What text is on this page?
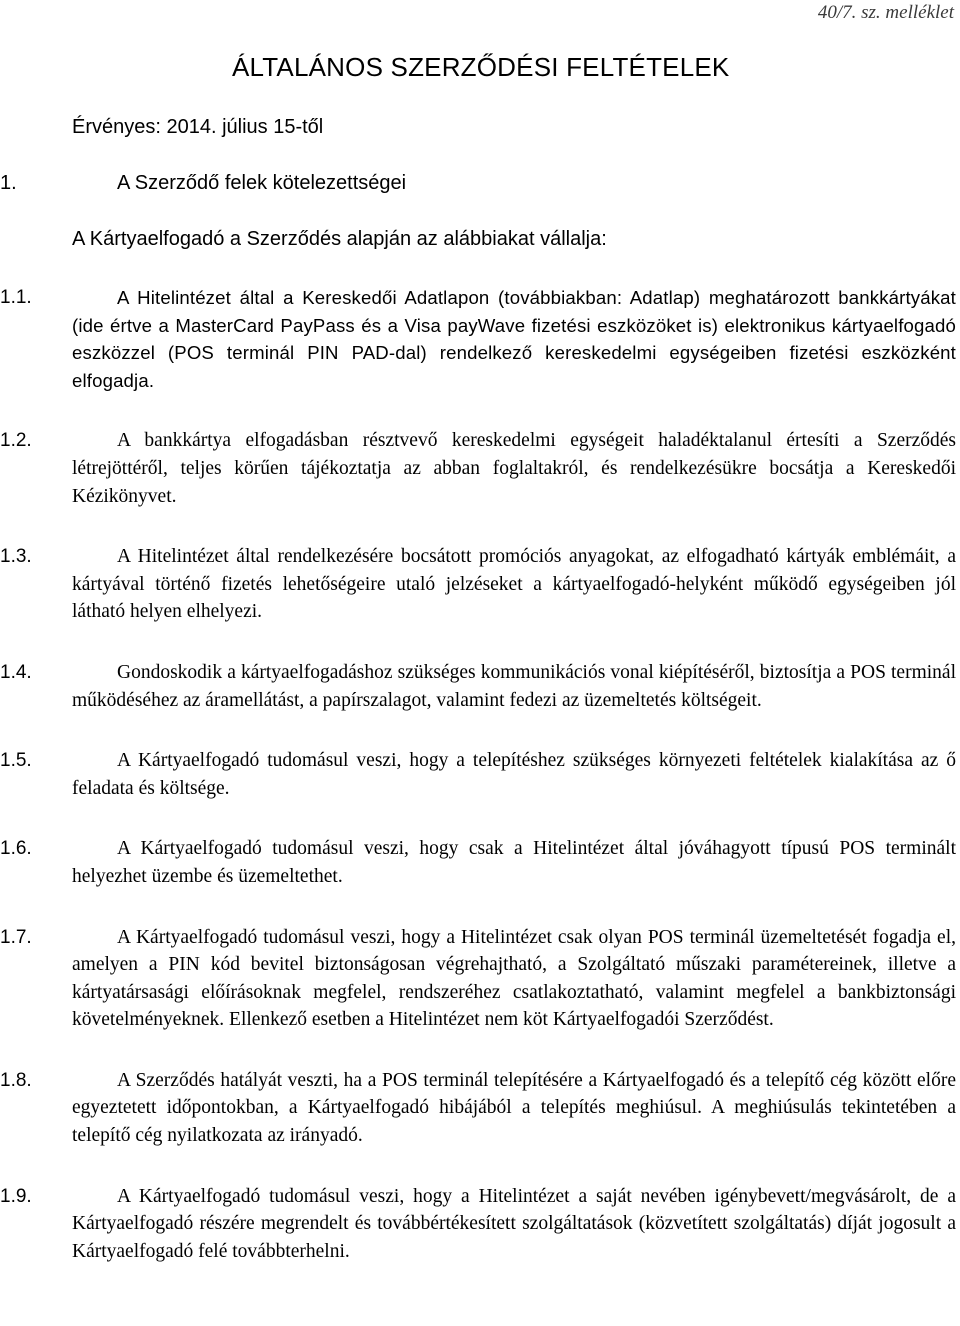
40/7. sz. melléklet
ÁLTALÁNOS SZERZŐDÉSI FELTÉTELEK
Érvényes: 2014. július 15-től
1.	A Szerződő felek kötelezettségei
A Kártyaelfogadó a Szerződés alapján az alábbiakat vállalja:
1.1.	A Hitelintézet által a Kereskedői Adatlapon (továbbiakban: Adatlap) meghatározott bankkártyákat (ide értve a MasterCard PayPass és a Visa payWave fizetési eszközöket is) elektronikus kártyaelfogadó eszközzel (POS terminál PIN PAD-dal) rendelkező kereskedelmi egységeiben fizetési eszközként elfogadja.
1.2.	A bankkártya elfogadásban résztvevő kereskedelmi egységeit haladéktalanul értesíti a Szerződés létrejöttéről, teljes körűen tájékoztatja az abban foglaltakról, és rendelkezésükre bocsátja a Kereskedői Kézikönyvet.
1.3.	A Hitelintézet által rendelkezésére bocsátott promóciós anyagokat, az elfogadható kártyák emblémáit, a kártyával történő fizetés lehetőségeire utaló jelzéseket a kártyaelfogadó-helyként működő egységeiben jól látható helyen elhelyezi.
1.4.	Gondoskodik a kártyaelfogadáshoz szükséges kommunikációs vonal kiépítéséről, biztosítja a POS terminál működéséhez az áramellátást, a papírszalagot, valamint fedezi az üzemeltetés költségeit.
1.5.	A Kártyaelfogadó tudomásul veszi, hogy a telepítéshez szükséges környezeti feltételek kialakítása az ő feladata és költsége.
1.6.	A Kártyaelfogadó tudomásul veszi, hogy csak a Hitelintézet által jóváhagyott típusú POS terminált helyezhet üzembe és üzemeltethet.
1.7.	A Kártyaelfogadó tudomásul veszi, hogy a Hitelintézet csak olyan POS terminál üzemeltetését fogadja el, amelyen a PIN kód bevitel biztonságosan végrehajtható, a Szolgáltató műszaki paramétereinek, illetve a kártyatársasági előírásoknak megfelel, rendszeréhez csatlakoztatható, valamint megfelel a bankbiztonsági követelményeknek. Ellenkező esetben a Hitelintézet nem köt Kártyaelfogadói Szerződést.
1.8.	A Szerződés hatályát veszti, ha a POS terminál telepítésére a Kártyaelfogadó és a telepítő cég között előre egyeztetett időpontokban, a Kártyaelfogadó hibájából a telepítés meghiúsul. A meghiúsulás tekintetében a telepítő cég nyilatkozata az irányadó.
1.9.	A Kártyaelfogadó tudomásul veszi, hogy a Hitelintézet a saját nevében igénybevett/megvásárolt, de a Kártyaelfogadó részére megrendelt és továbbértékesített szolgáltatások (közvetített szolgáltatás) díját jogosult a Kártyaelfogadó felé továbbterhelni.
